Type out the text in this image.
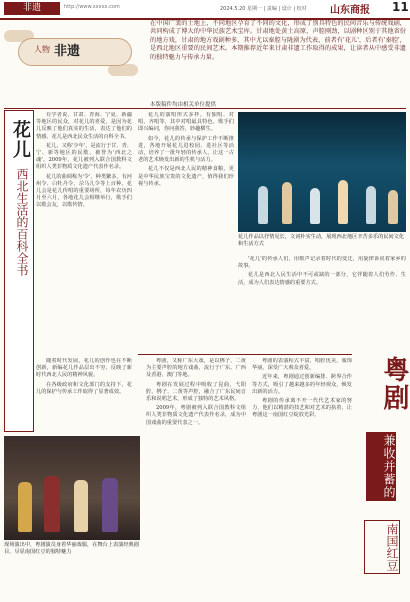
非遗	http://www.xxxxx.com	2024.5.20 星期一 | 责编 | 设计 | 校对 山东商报 11
人物 非遗
在中国广袤的土地上，不同地区孕育了不同的文化，形成了别具特色的民间音乐与传统戏剧，共同构成了博大的中华民族艺术宝库。甘肃地处黄土高原，声腔刚劲，以剧种区别于其他省份的地方戏，甘肃的地方戏剧种多，其中尤以秦腔与陇剧为代表，前者有'花儿'，后者有'秦腔'，是西北地区重要的民间艺术。本期推荐近年来甘肃非遗工作取得的成果，让读者从中感受非遗的独特魅力与传承力量。
本版稿件均由相关单位提供
花儿
西北生活的百科全书

有学者说，甘肃、青海、宁夏、新疆等地区的民众，对花儿的喜爱，是因为花儿反映了他们真实的生活，表达了他们的情感，花儿是西北民众生活的百科全书。

花儿，又称'少年'，是流行于甘、青、宁、新等地区的民歌，被誉为'西北之魂'。2009年，花儿被列入联合国教科文组织人类非物质文化遗产代表作名录。

花儿的曲调称为'令'，种类繁多，有河州令、白牡丹令、尕马儿令等上百种。花儿会是花儿传唱的重要场所，每年农历四月至六月，各地花儿会相继举行，歌手们以歌会友，以歌传情。

花儿的演唱形式多样，有独唱、对唱、齐唱等，其中对唱最具特色，歌手们即兴编词，你问我答，妙趣横生。

如今，花儿的传承与保护工作不断推进，各地开展花儿进校园、进社区等活动，培养了一批年轻的传承人，让这一古老的艺术焕发出新的生机与活力。

花儿不仅是西北人民的精神食粮，更是中华民族宝贵的文化遗产，值得我们珍视与传承。

花儿作品以抒情见长，文词朴实生动，展现西北地区辛苦多乐的民间文化和生活方式

'花儿'的传承人们，用歌声记录着时代的变迁，用旋律诉说着家乡的故事。

花儿是西北人民生活中不可或缺的一部分，它伴随着人们劳作、生活，成为人们表达情感的重要方式。

随着时代发展，花儿的创作也在不断创新，新编花儿作品层出不穷，反映了新时代西北人民的精神风貌。

在各级政府和文化部门的支持下，花儿的保护与传承工作取得了显著成效。

现场演出中，粤剧演员身着华丽戏服，在舞台上表演经典剧目，尽显南国红豆的独特魅力

粤剧，又称广东大戏，是以梆子、二黄为主要声腔的地方戏曲，流行于广东、广西及香港、澳门等地。

粤剧在发展过程中吸收了昆曲、弋阳腔、梆子、二黄等声腔，融合了广东民间音乐和说唱艺术，形成了独特的艺术风格。

2009年，粤剧被列入联合国教科文组织人类非物质文化遗产代表作名录，成为中国戏曲的重要代表之一。

粤剧的表演程式丰富，唱腔优美，服饰华丽，深受广大观众喜爱。

近年来，粤剧通过创新编排、跨界合作等方式，吸引了越来越多的年轻观众，焕发出新的活力。

粤剧的传承离不开一代代艺术家的努力，他们以精湛的技艺和对艺术的执着，让粤剧这一南国红豆绽放光彩。

粤剧
兼收并蓄的
南国红豆
